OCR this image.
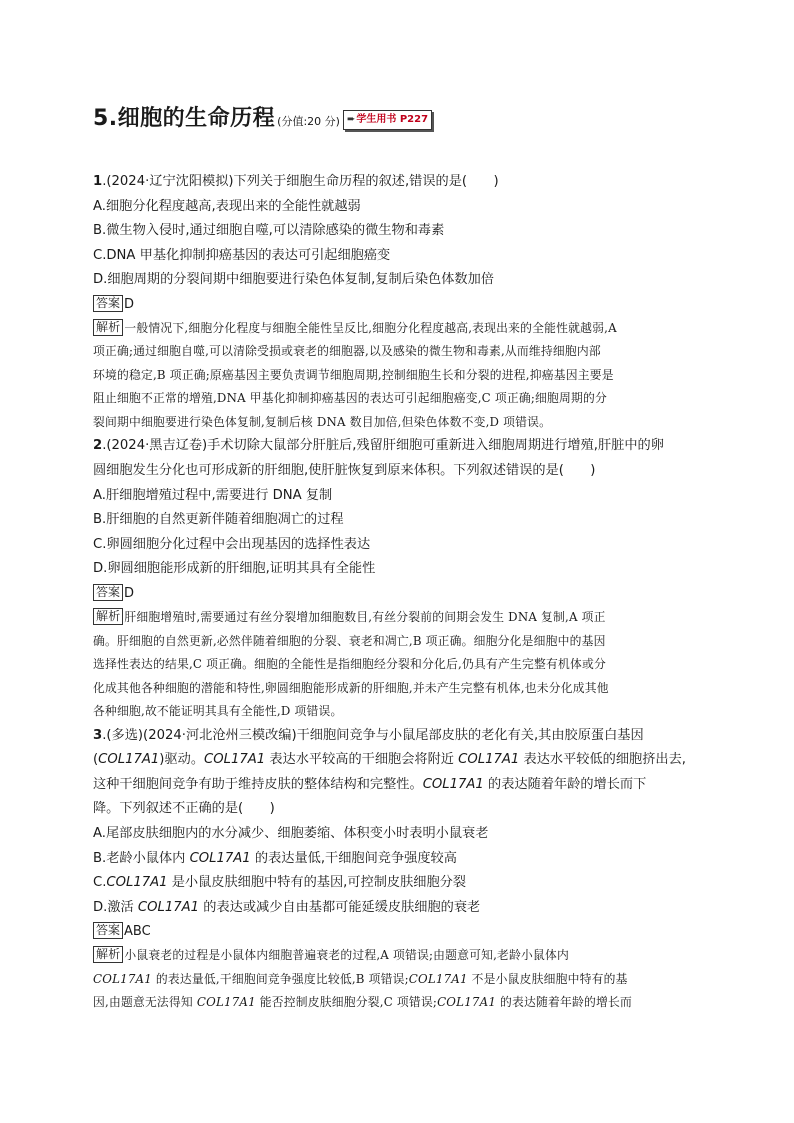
5.细胞的生命历程 (分值:20 分) ➨ 学生用书 P227
1.(2024·辽宁沈阳模拟)下列关于细胞生命历程的叙述,错误的是(　　)
A.细胞分化程度越高,表现出来的全能性就越弱
B.微生物入侵时,通过细胞自噬,可以清除感染的微生物和毒素
C.DNA 甲基化抑制抑癌基因的表达可引起细胞癌变
D.细胞周期的分裂间期中细胞要进行染色体复制,复制后染色体数加倍
答案 D
解析 一般情况下,细胞分化程度与细胞全能性呈反比,细胞分化程度越高,表现出来的全能性就越弱,A
项正确;通过细胞自噬,可以清除受损或衰老的细胞器,以及感染的微生物和毒素,从而维持细胞内部
环境的稳定,B 项正确;原癌基因主要负责调节细胞周期,控制细胞生长和分裂的进程,抑癌基因主要是
阻止细胞不正常的增殖,DNA 甲基化抑制抑癌基因的表达可引起细胞癌变,C 项正确;细胞周期的分
裂间期中细胞要进行染色体复制,复制后核 DNA 数目加倍,但染色体数不变,D 项错误。
2.(2024·黑吉辽卷)手术切除大鼠部分肝脏后,残留肝细胞可重新进入细胞周期进行增殖,肝脏中的卵
圆细胞发生分化也可形成新的肝细胞,使肝脏恢复到原来体积。下列叙述错误的是(　　)
A.肝细胞增殖过程中,需要进行 DNA 复制
B.肝细胞的自然更新伴随着细胞凋亡的过程
C.卵圆细胞分化过程中会出现基因的选择性表达
D.卵圆细胞能形成新的肝细胞,证明其具有全能性
答案 D
解析 肝细胞增殖时,需要通过有丝分裂增加细胞数目,有丝分裂前的间期会发生 DNA 复制,A 项正
确。肝细胞的自然更新,必然伴随着细胞的分裂、衰老和凋亡,B 项正确。细胞分化是细胞中的基因
选择性表达的结果,C 项正确。细胞的全能性是指细胞经分裂和分化后,仍具有产生完整有机体或分
化成其他各种细胞的潜能和特性,卵圆细胞能形成新的肝细胞,并未产生完整有机体,也未分化成其他
各种细胞,故不能证明其具有全能性,D 项错误。
3.(多选)(2024·河北沧州三模改编)干细胞间竞争与小鼠尾部皮肤的老化有关,其由胶原蛋白基因
(COL17A1)驱动。COL17A1 表达水平较高的干细胞会将附近 COL17A1 表达水平较低的细胞挤出去,
这种干细胞间竞争有助于维持皮肤的整体结构和完整性。COL17A1 的表达随着年龄的增长而下
降。下列叙述不正确的是(　　)
A.尾部皮肤细胞内的水分减少、细胞萎缩、体积变小时表明小鼠衰老
B.老龄小鼠体内 COL17A1 的表达量低,干细胞间竞争强度较高
C.COL17A1 是小鼠皮肤细胞中特有的基因,可控制皮肤细胞分裂
D.激活 COL17A1 的表达或减少自由基都可能延缓皮肤细胞的衰老
答案 ABC
解析 小鼠衰老的过程是小鼠体内细胞普遍衰老的过程,A 项错误;由题意可知,老龄小鼠体内
COL17A1 的表达量低,干细胞间竞争强度比较低,B 项错误;COL17A1 不是小鼠皮肤细胞中特有的基
因,由题意无法得知 COL17A1 能否控制皮肤细胞分裂,C 项错误;COL17A1 的表达随着年龄的增长而
